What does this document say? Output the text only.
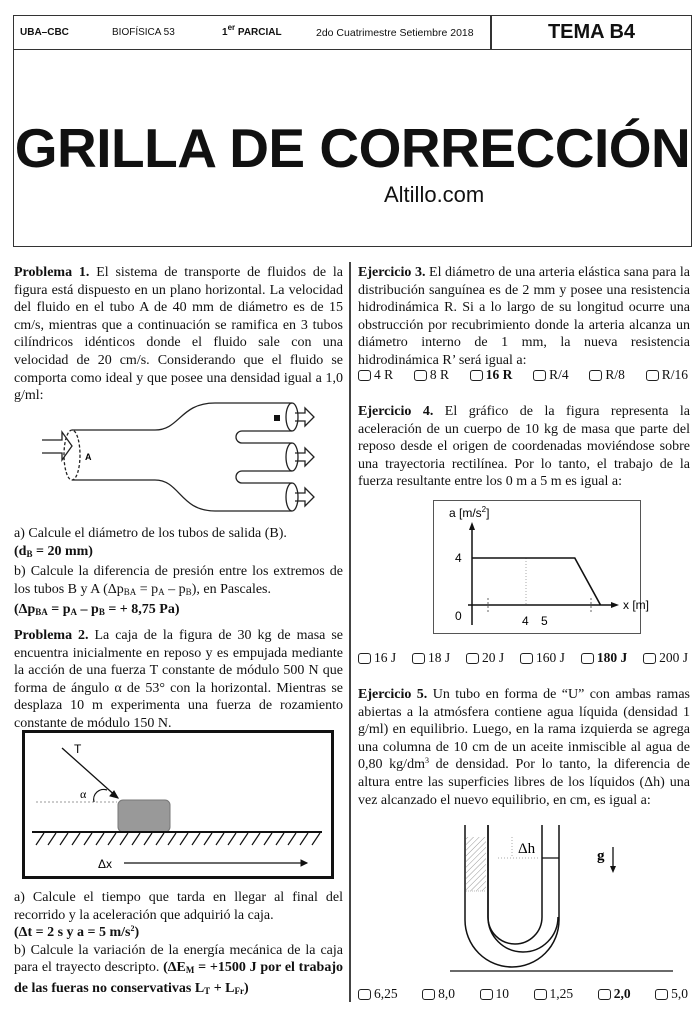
UBA–CBC	BIOFÍSICA 53	1er PARCIAL	2do Cuatrimestre Setiembre 2018	TEMA B4
GRILLA DE CORRECCIÓN
Altillo.com
Problema 1. El sistema de transporte de fluidos de la figura está dispuesto en un plano horizontal. La velocidad del fluido en el tubo A de 40 mm de diámetro es de 15 cm/s, mientras que a continuación se ramifica en 3 tubos cilíndricos idénticos donde el fluido sale con una velocidad de 20 cm/s. Considerando que el fluido se comporta como ideal y que posee una densidad igual a 1,0 g/ml:
A
a) Calcule el diámetro de los tubos de salida (B).
($d_B = 20$ mm)
b) Calcule la diferencia de presión entre los extremos de los tubos B y A $(\Delta p_{BA} = p_A - p_B)$, en Pascales.
($\Delta p_{BA} = p_A - p_B$ = + 8,75 Pa)
Problema 2. La caja de la figura de 30 kg de masa se encuentra inicialmente en reposo y es empujada mediante la acción de una fuerza T constante de módulo 500 N que forma de ángulo α de 53° con la horizontal. Mientras se desplaza 10 m experimenta una fuerza de rozamiento constante de módulo 150 N.
T
α
Δx
a) Calcule el tiempo que tarda en llegar al final del recorrido y la aceleración que adquirió la caja.
(Δt = 2 s y a = 5 $m/s^2$)
b) Calcule la variación de la energía mecánica de la caja para el trayecto descripto. ($\Delta E_M = +1500$ J por el trabajo de las fueras no conservativas $L_T + L_{Fr}$)
Ejercicio 3. El diámetro de una arteria elástica sana para la distribución sanguínea es de 2 mm y posee una resistencia hidrodinámica R. Si a lo largo de su longitud ocurre una obstrucción por recubrimiento donde la arteria alcanza un diámetro interno de 1 mm, la nueva resistencia hidrodinámica R’ será igual a:
4 R	8 R	16 R	R/4	R/8	R/16
Ejercicio 4. El gráfico de la figura representa la aceleración de un cuerpo de 10 kg de masa que parte del reposo desde el origen de coordenadas moviéndose sobre una trayectoria rectilínea. Por lo tanto, el trabajo de la fuerza resultante entre los 0 m a 5 m es igual a:
a $[m/s^2]$
x [m]
4
0	4 5
16 J 18 J 20 J 160 J 180 J 200 J
Ejercicio 5. Un tubo en forma de “U” con ambas ramas abiertas a la atmósfera contiene agua líquida (densidad 1 g/ml) en equilibrio. Luego, en la rama izquierda se agrega una columna de 10 cm de un aceite inmiscible al agua de 0,80 $kg/dm^3$ de densidad. Por lo tanto, la diferencia de altura entre las superficies libres de los líquidos (Δh) una vez alcanzado el nuevo equilibrio, en cm, es igual a:
Δh	g
6,25	8,0	10	1,25	2,0	5,0
